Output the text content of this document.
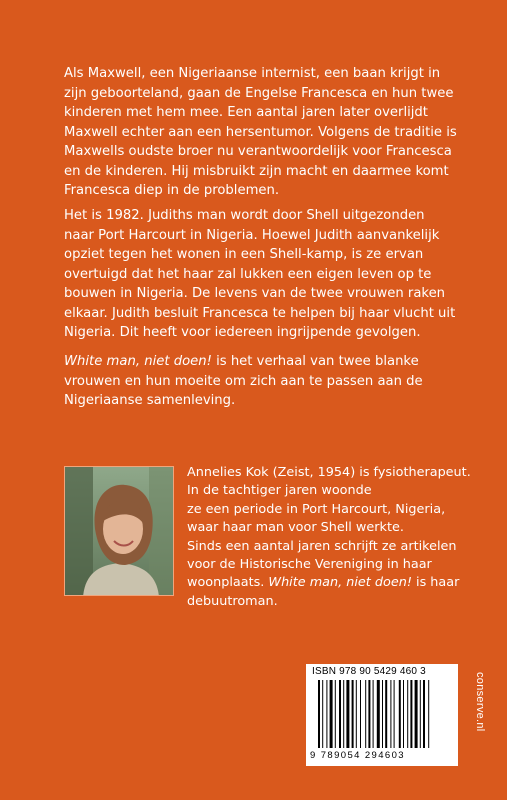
Als Maxwell, een Nigeriaanse internist, een baan krijgt in
zijn geboorteland, gaan de Engelse Francesca en hun twee
kinderen met hem mee. Een aantal jaren later overlijdt
Maxwell echter aan een hersentumor. Volgens de traditie is
Maxwells oudste broer nu verantwoordelijk voor Francesca
en de kinderen. Hij misbruikt zijn macht en daarmee komt
Francesca diep in de problemen.

Het is 1982. Judiths man wordt door Shell uitgezonden
naar Port Harcourt in Nigeria. Hoewel Judith aanvankelijk
opziet tegen het wonen in een Shell-kamp, is ze ervan
overtuigd dat het haar zal lukken een eigen leven op te
bouwen in Nigeria. De levens van de twee vrouwen raken
elkaar. Judith besluit Francesca te helpen bij haar vlucht uit
Nigeria. Dit heeft voor iedereen ingrijpende gevolgen.

White man, niet doen! is het verhaal van twee blanke
vrouwen en hun moeite om zich aan te passen aan de
Nigeriaanse samenleving.

Annelies Kok (Zeist, 1954) is fysiotherapeut.
In de tachtiger jaren woonde
ze een periode in Port Harcourt, Nigeria,
waar haar man voor Shell werkte.
Sinds een aantal jaren schrijft ze artikelen
voor de Historische Vereniging in haar
woonplaats. White man, niet doen! is haar
debuutroman.

ISBN 978 90 5429 460 3
9 789054 294603
conserve.nl
